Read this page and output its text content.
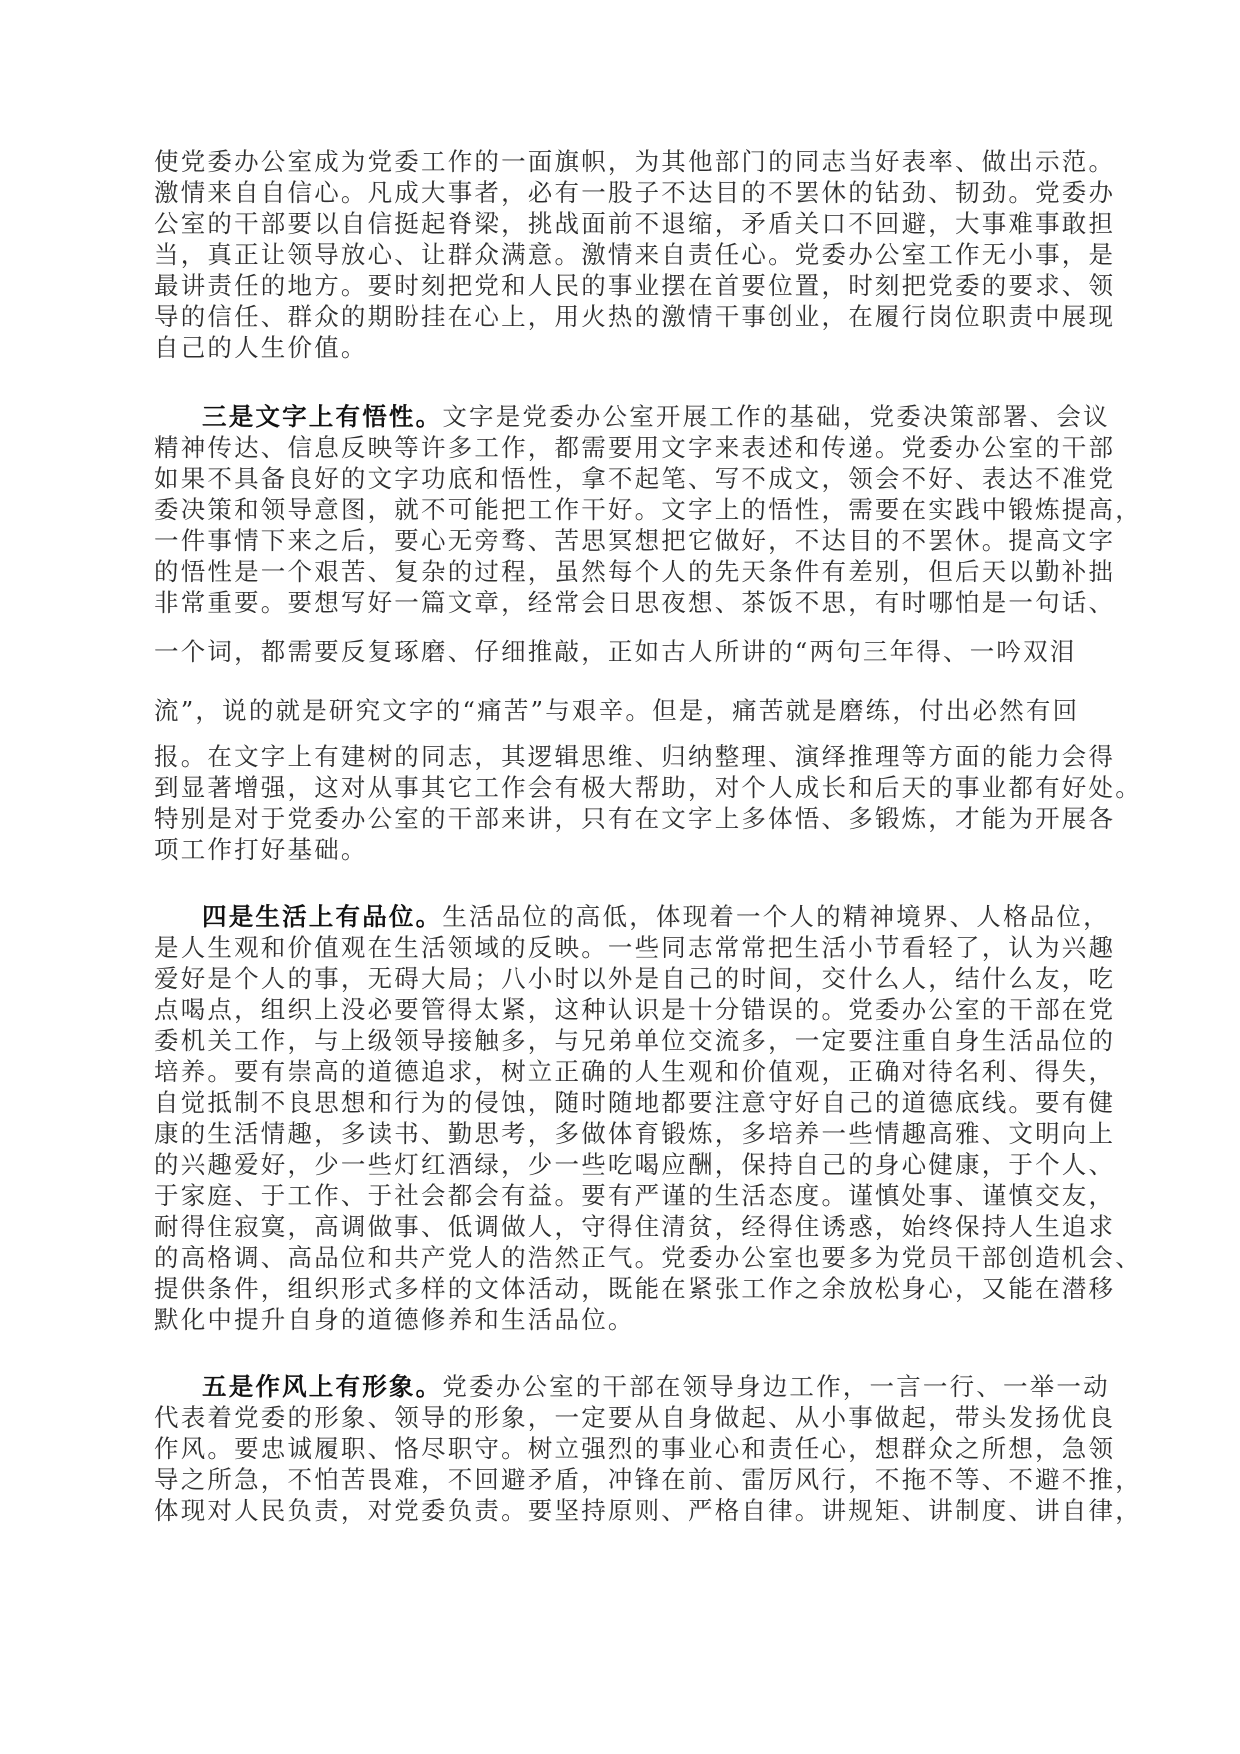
使党委办公室成为党委工作的一面旗帜，为其他部门的同志当好表率、做出示范。
激情来自自信心。凡成大事者，必有一股子不达目的不罢休的钻劲、韧劲。党委办
公室的干部要以自信挺起脊梁，挑战面前不退缩，矛盾关口不回避，大事难事敢担
当，真正让领导放心、让群众满意。激情来自责任心。党委办公室工作无小事，是
最讲责任的地方。要时刻把党和人民的事业摆在首要位置，时刻把党委的要求、领
导的信任、群众的期盼挂在心上，用火热的激情干事创业，在履行岗位职责中展现
自己的人生价值。
三是文字上有悟性。文字是党委办公室开展工作的基础，党委决策部署、会议
精神传达、信息反映等许多工作，都需要用文字来表述和传递。党委办公室的干部
如果不具备良好的文字功底和悟性，拿不起笔、写不成文，领会不好、表达不准党
委决策和领导意图，就不可能把工作干好。文字上的悟性，需要在实践中锻炼提高，
一件事情下来之后，要心无旁骛、苦思冥想把它做好，不达目的不罢休。提高文字
的悟性是一个艰苦、复杂的过程，虽然每个人的先天条件有差别，但后天以勤补拙
非常重要。要想写好一篇文章，经常会日思夜想、茶饭不思，有时哪怕是一句话、
一个词，都需要反复琢磨、仔细推敲，正如古人所讲的“两句三年得、一吟双泪
流”，说的就是研究文字的“痛苦”与艰辛。但是，痛苦就是磨练，付出必然有回
报。在文字上有建树的同志，其逻辑思维、归纳整理、演绎推理等方面的能力会得
到显著增强，这对从事其它工作会有极大帮助，对个人成长和后天的事业都有好处。
特别是对于党委办公室的干部来讲，只有在文字上多体悟、多锻炼，才能为开展各
项工作打好基础。
四是生活上有品位。生活品位的高低，体现着一个人的精神境界、人格品位，
是人生观和价值观在生活领域的反映。一些同志常常把生活小节看轻了，认为兴趣
爱好是个人的事，无碍大局；八小时以外是自己的时间，交什么人，结什么友，吃
点喝点，组织上没必要管得太紧，这种认识是十分错误的。党委办公室的干部在党
委机关工作，与上级领导接触多，与兄弟单位交流多，一定要注重自身生活品位的
培养。要有崇高的道德追求，树立正确的人生观和价值观，正确对待名利、得失，
自觉抵制不良思想和行为的侵蚀，随时随地都要注意守好自己的道德底线。要有健
康的生活情趣，多读书、勤思考，多做体育锻炼，多培养一些情趣高雅、文明向上
的兴趣爱好，少一些灯红酒绿，少一些吃喝应酬，保持自己的身心健康，于个人、
于家庭、于工作、于社会都会有益。要有严谨的生活态度。谨慎处事、谨慎交友，
耐得住寂寞，高调做事、低调做人，守得住清贫，经得住诱惑，始终保持人生追求
的高格调、高品位和共产党人的浩然正气。党委办公室也要多为党员干部创造机会、
提供条件，组织形式多样的文体活动，既能在紧张工作之余放松身心，又能在潜移
默化中提升自身的道德修养和生活品位。
五是作风上有形象。党委办公室的干部在领导身边工作，一言一行、一举一动
代表着党委的形象、领导的形象，一定要从自身做起、从小事做起，带头发扬优良
作风。要忠诚履职、恪尽职守。树立强烈的事业心和责任心，想群众之所想，急领
导之所急，不怕苦畏难，不回避矛盾，冲锋在前、雷厉风行，不拖不等、不避不推，
体现对人民负责，对党委负责。要坚持原则、严格自律。讲规矩、讲制度、讲自律，
